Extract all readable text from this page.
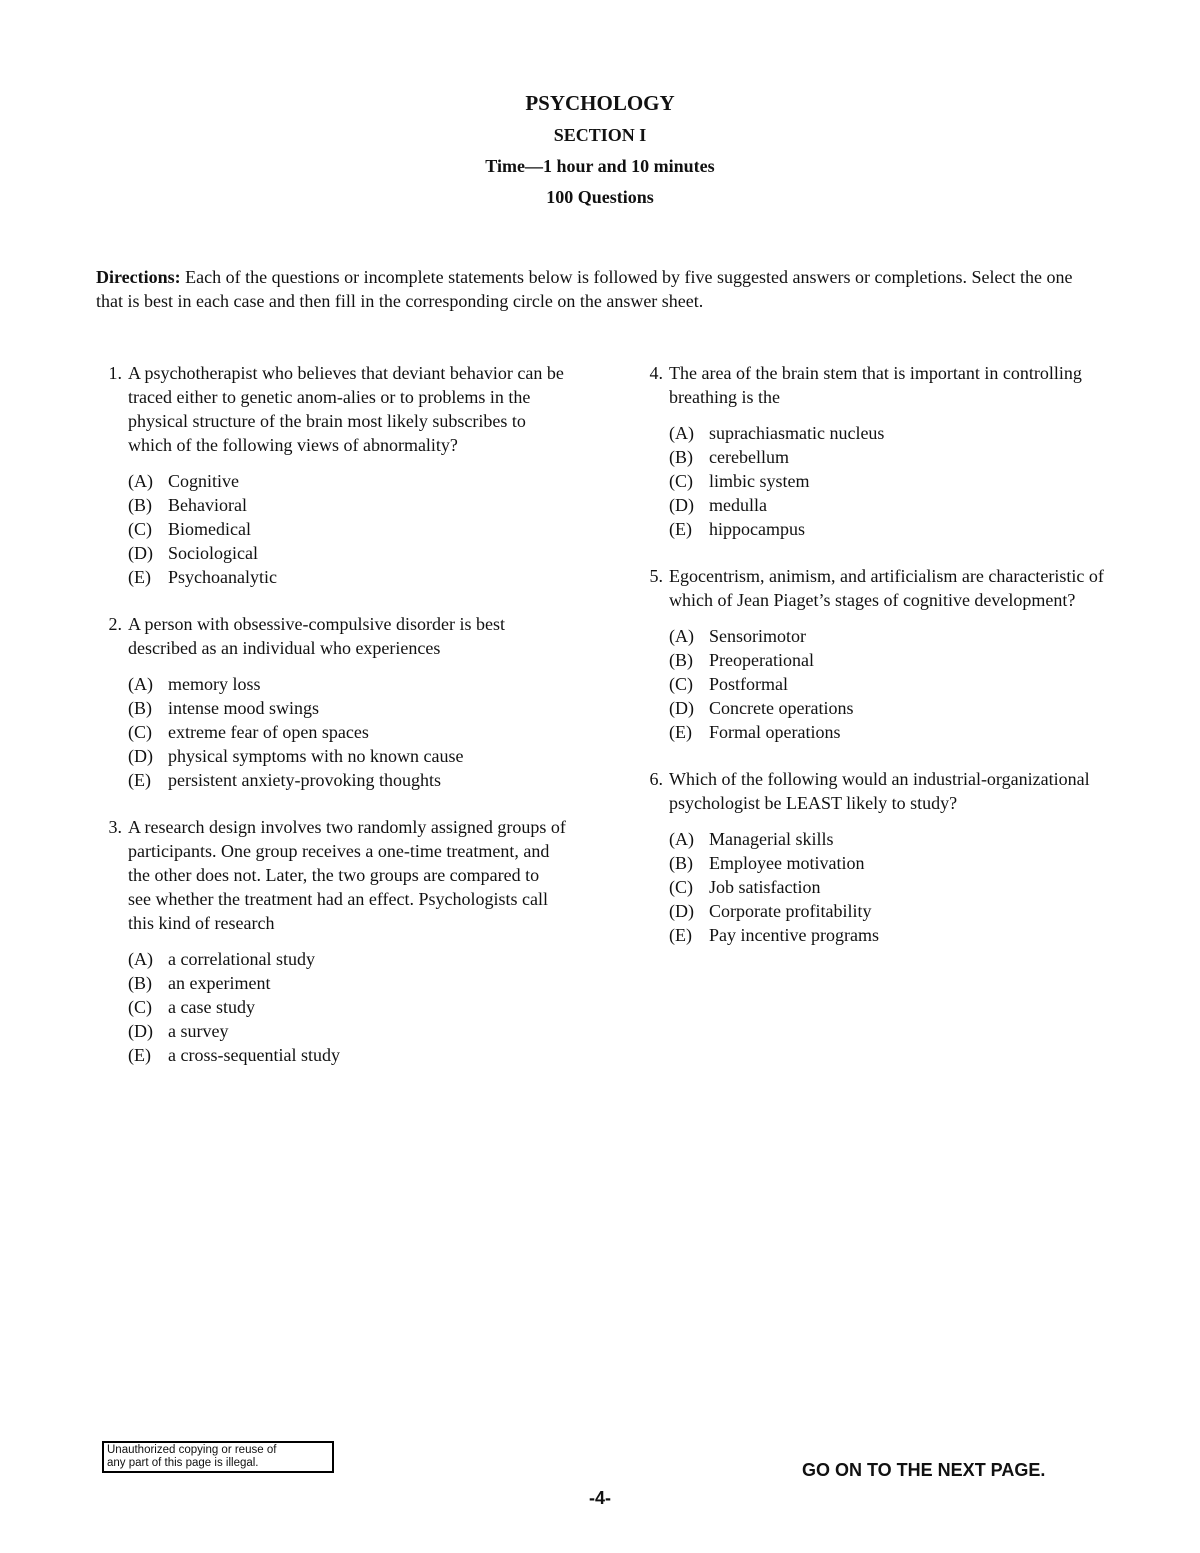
PSYCHOLOGY
SECTION I
Time—1 hour and 10 minutes
100 Questions
Directions: Each of the questions or incomplete statements below is followed by five suggested answers or completions. Select the one that is best in each case and then fill in the corresponding circle on the answer sheet.
1. A psychotherapist who believes that deviant behavior can be traced either to genetic anom-alies or to problems in the physical structure of the brain most likely subscribes to which of the following views of abnormality?
(A) Cognitive
(B) Behavioral
(C) Biomedical
(D) Sociological
(E) Psychoanalytic
2. A person with obsessive-compulsive disorder is best described as an individual who experiences
(A) memory loss
(B) intense mood swings
(C) extreme fear of open spaces
(D) physical symptoms with no known cause
(E) persistent anxiety-provoking thoughts
3. A research design involves two randomly assigned groups of participants. One group receives a one-time treatment, and the other does not. Later, the two groups are compared to see whether the treatment had an effect. Psychologists call this kind of research
(A) a correlational study
(B) an experiment
(C) a case study
(D) a survey
(E) a cross-sequential study
4. The area of the brain stem that is important in controlling breathing is the
(A) suprachiasmatic nucleus
(B) cerebellum
(C) limbic system
(D) medulla
(E) hippocampus
5. Egocentrism, animism, and artificialism are characteristic of which of Jean Piaget’s stages of cognitive development?
(A) Sensorimotor
(B) Preoperational
(C) Postformal
(D) Concrete operations
(E) Formal operations
6. Which of the following would an industrial-organizational psychologist be LEAST likely to study?
(A) Managerial skills
(B) Employee motivation
(C) Job satisfaction
(D) Corporate profitability
(E) Pay incentive programs
Unauthorized copying or reuse of
any part of this page is illegal.	GO ON TO THE NEXT PAGE.
-4-
